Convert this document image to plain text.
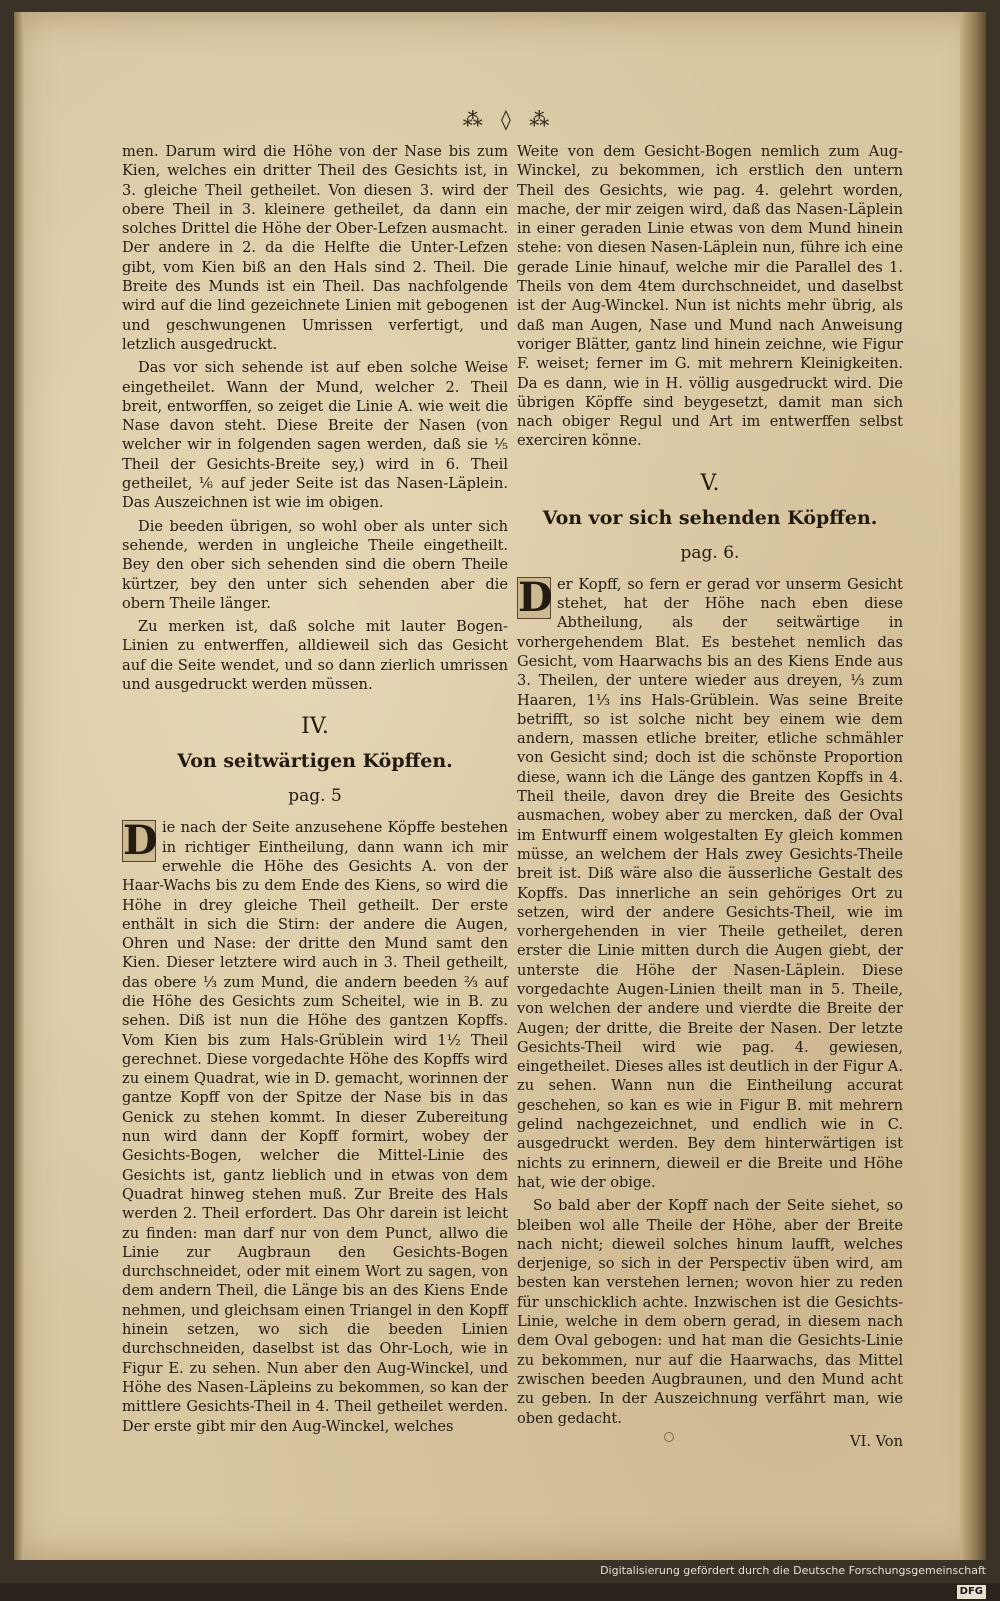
⁂ ◊ ⁂

men. Darum wird die Höhe von der Nase bis zum Kien, welches ein dritter Theil des Gesichts ist, in 3. gleiche Theil getheilet. Von diesen 3. wird der obere Theil in 3. kleinere getheilet, da dann ein solches Drittel die Höhe der Ober-Lefzen ausmacht. Der andere in 2. da die Helfte die Unter-Lefzen gibt, vom Kien biß an den Hals sind 2. Theil. Die Breite des Munds ist ein Theil. Das nachfolgende wird auf die lind gezeichnete Linien mit gebogenen und geschwungenen Umrissen verfertigt, und letzlich ausgedruckt.

Das vor sich sehende ist auf eben solche Weise eingetheilet. Wann der Mund, welcher 2. Theil breit, entworffen, so zeiget die Linie A. wie weit die Nase davon steht. Diese Breite der Nasen (von welcher wir in folgenden sagen werden, daß sie ⅕ Theil der Gesichts-Breite sey,) wird in 6. Theil getheilet, ⅙ auf jeder Seite ist das Nasen-Läplein. Das Auszeichnen ist wie im obigen.

Die beeden übrigen, so wohl ober als unter sich sehende, werden in ungleiche Theile eingetheilt. Bey den ober sich sehenden sind die obern Theile kürtzer, bey den unter sich sehenden aber die obern Theile länger.

Zu merken ist, daß solche mit lauter Bogen-Linien zu entwerffen, alldieweil sich das Gesicht auf die Seite wendet, und so dann zierlich umrissen und ausgedruckt werden müssen.

IV.
Von seitwärtigen Köpffen.
pag. 5

D ie nach der Seite anzusehene Köpffe bestehen in richtiger Eintheilung, dann wann ich mir erwehle die Höhe des Gesichts A. von der Haar-Wachs bis zu dem Ende des Kiens, so wird die Höhe in drey gleiche Theil getheilt. Der erste enthält in sich die Stirn: der andere die Augen, Ohren und Nase: der dritte den Mund samt den Kien. Dieser letztere wird auch in 3. Theil getheilt, das obere ⅓ zum Mund, die andern beeden ⅔ auf die Höhe des Gesichts zum Scheitel, wie in B. zu sehen. Diß ist nun die Höhe des gantzen Kopffs. Vom Kien bis zum Hals-Grüblein wird 1½ Theil gerechnet. Diese vorgedachte Höhe des Kopffs wird zu einem Quadrat, wie in D. gemacht, worinnen der gantze Kopff von der Spitze der Nase bis in das Genick zu stehen kommt. In dieser Zubereitung nun wird dann der Kopff formirt, wobey der Gesichts-Bogen, welcher die Mittel-Linie des Gesichts ist, gantz lieblich und in etwas von dem Quadrat hinweg stehen muß. Zur Breite des Hals werden 2. Theil erfordert. Das Ohr darein ist leicht zu finden: man darf nur von dem Punct, allwo die Linie zur Augbraun den Gesichts-Bogen durchschneidet, oder mit einem Wort zu sagen, von dem andern Theil, die Länge bis an des Kiens Ende nehmen, und gleichsam einen Triangel in den Kopff hinein setzen, wo sich die beeden Linien durchschneiden, daselbst ist das Ohr-Loch, wie in Figur E. zu sehen. Nun aber den Aug-Winckel, und Höhe des Nasen-Läpleins zu bekommen, so kan der mittlere Gesichts-Theil in 4. Theil getheilet werden. Der erste gibt mir den Aug-Winckel, welches

Weite von dem Gesicht-Bogen nemlich zum Aug-Winckel, zu bekommen, ich erstlich den untern Theil des Gesichts, wie pag. 4. gelehrt worden, mache, der mir zeigen wird, daß das Nasen-Läplein in einer geraden Linie etwas von dem Mund hinein stehe: von diesen Nasen-Läplein nun, führe ich eine gerade Linie hinauf, welche mir die Parallel des 1. Theils von dem 4tem durchschneidet, und daselbst ist der Aug-Winckel. Nun ist nichts mehr übrig, als daß man Augen, Nase und Mund nach Anweisung voriger Blätter, gantz lind hinein zeichne, wie Figur F. weiset; ferner im G. mit mehrern Kleinigkeiten. Da es dann, wie in H. völlig ausgedruckt wird. Die übrigen Köpffe sind beygesetzt, damit man sich nach obiger Regul und Art im entwerffen selbst exerciren könne.

V.
Von vor sich sehenden Köpffen.
pag. 6.

D er Kopff, so fern er gerad vor unserm Gesicht stehet, hat der Höhe nach eben diese Abtheilung, als der seitwärtige in vorhergehendem Blat. Es bestehet nemlich das Gesicht, vom Haarwachs bis an des Kiens Ende aus 3. Theilen, der untere wieder aus dreyen, ⅓ zum Haaren, 1⅓ ins Hals-Grüblein. Was seine Breite betrifft, so ist solche nicht bey einem wie dem andern, massen etliche breiter, etliche schmähler von Gesicht sind; doch ist die schönste Proportion diese, wann ich die Länge des gantzen Kopffs in 4. Theil theile, davon drey die Breite des Gesichts ausmachen, wobey aber zu mercken, daß der Oval im Entwurff einem wolgestalten Ey gleich kommen müsse, an welchem der Hals zwey Gesichts-Theile breit ist. Diß wäre also die äusserliche Gestalt des Kopffs. Das innerliche an sein gehöriges Ort zu setzen, wird der andere Gesichts-Theil, wie im vorhergehenden in vier Theile getheilet, deren erster die Linie mitten durch die Augen giebt, der unterste die Höhe der Nasen-Läplein. Diese vorgedachte Augen-Linien theilt man in 5. Theile, von welchen der andere und vierdte die Breite der Augen; der dritte, die Breite der Nasen. Der letzte Gesichts-Theil wird wie pag. 4. gewiesen, eingetheilet. Dieses alles ist deutlich in der Figur A. zu sehen. Wann nun die Eintheilung accurat geschehen, so kan es wie in Figur B. mit mehrern gelind nachgezeichnet, und endlich wie in C. ausgedruckt werden. Bey dem hinterwärtigen ist nichts zu erinnern, dieweil er die Breite und Höhe hat, wie der obige.

So bald aber der Kopff nach der Seite siehet, so bleiben wol alle Theile der Höhe, aber der Breite nach nicht; dieweil solches hinum laufft, welches derjenige, so sich in der Perspectiv üben wird, am besten kan verstehen lernen; wovon hier zu reden für unschicklich achte. Inzwischen ist die Gesichts-Linie, welche in dem obern gerad, in diesem nach dem Oval gebogen: und hat man die Gesichts-Linie zu bekommen, nur auf die Haarwachs, das Mittel zwischen beeden Augbraunen, und den Mund acht zu geben. In der Auszeichnung verfährt man, wie oben gedacht.

VI. Von
Digitalisierung gefördert durch die Deutsche ForschungsgemeinschaftDFG
